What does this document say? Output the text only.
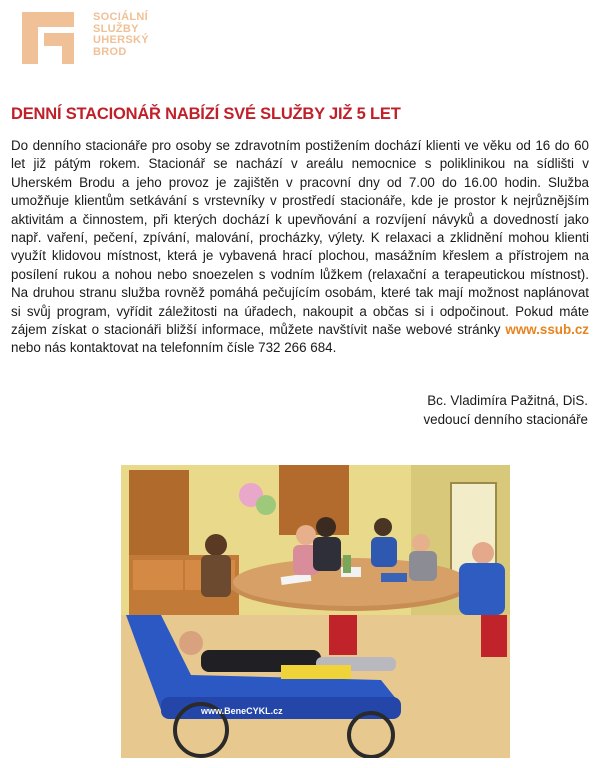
SOCIÁLNÍ
SLUŽBY
UHERSKÝ
BROD
DENNÍ STACIONÁŘ NABÍZÍ SVÉ SLUŽBY JIŽ 5 LET

Do denního stacionáře pro osoby se zdravotním postižením dochází klienti ve věku od 16 do 60 let již pátým rokem. Stacionář se nachází v areálu nemocnice s poliklinikou na sídlišti v Uherském Brodu a jeho provoz je zajištěn v pracovní dny od 7.00 do 16.00 hodin. Služba umožňuje klientům setkávání s vrstevníky v prostředí stacionáře, kde je prostor k nejrůznějším aktivitám a činnostem, při kterých dochází k upevňování a rozvíjení návyků a dovedností jako např. vaření, pečení, zpívání, malování, procházky, výlety. K relaxaci a zklidnění mohou klienti využít klidovou místnost, která je vybavená hrací plochou, masážním křeslem a přístrojem na posílení rukou a nohou nebo snoezelen s vodním lůžkem (relaxační a terapeutickou místnost). Na druhou stranu služba rovněž pomáhá pečujícím osobám, které tak mají možnost naplánovat si svůj program, vyřídit záležitosti na úřadech, nakoupit a občas si i odpočinout. Pokud máte zájem získat o stacionáři bližší informace, můžete navštívit naše webové stránky www.ssub.cz nebo nás kontaktovat na telefonním čísle 732 266 684.

Bc. Vladimíra Pažitná, DiS.
vedoucí denního stacionáře
www.BeneCYKL.cz
